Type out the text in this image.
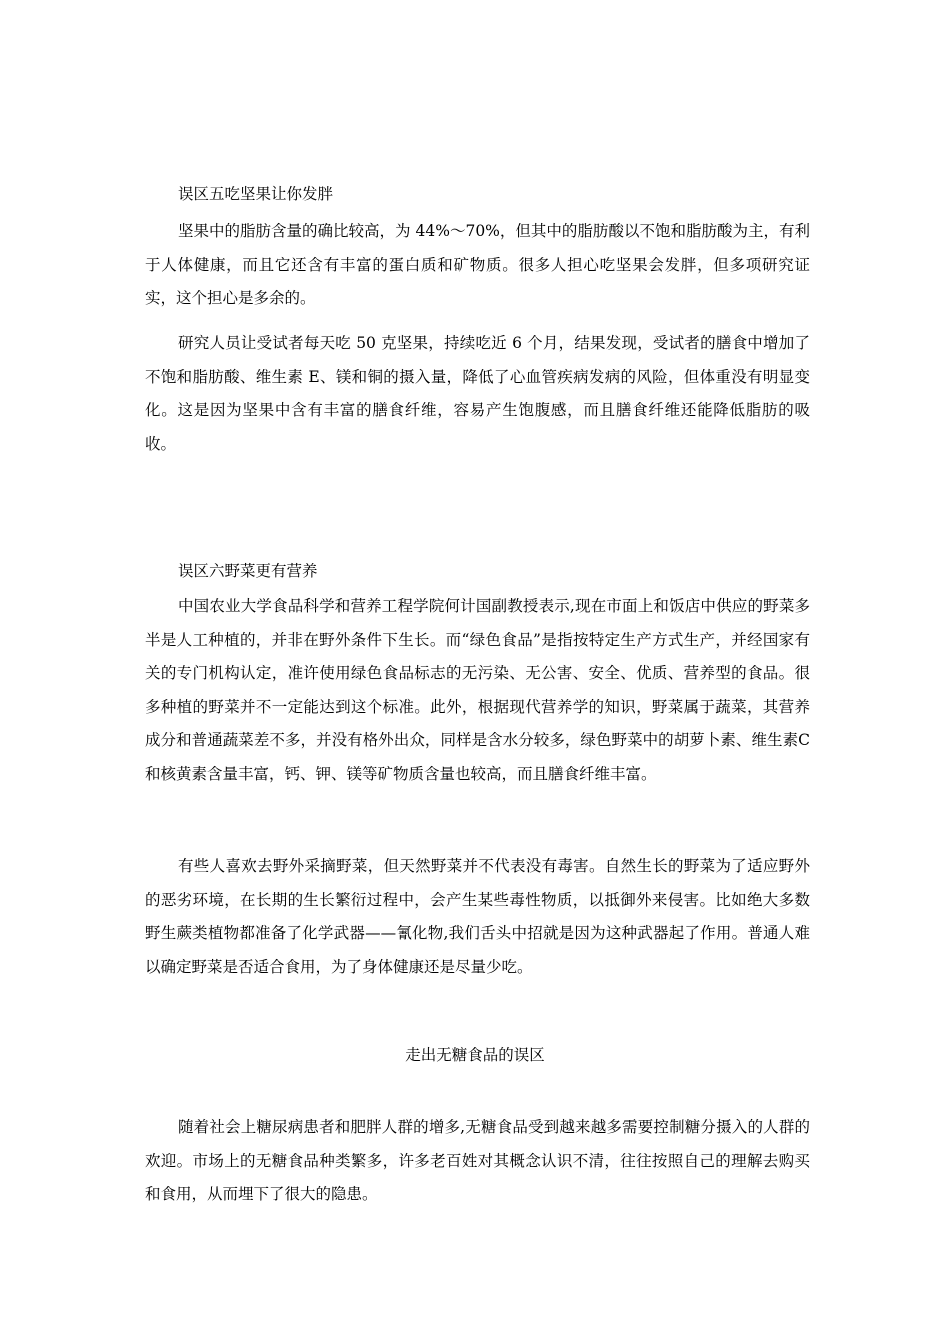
误区五吃坚果让你发胖

坚果中的脂肪含量的确比较高，为 44%～70%，但其中的脂肪酸以不饱和脂肪酸为主，有利于人体健康，而且它还含有丰富的蛋白质和矿物质。很多人担心吃坚果会发胖，但多项研究证实，这个担心是多余的。

研究人员让受试者每天吃 50 克坚果，持续吃近 6 个月，结果发现，受试者的膳食中增加了不饱和脂肪酸、维生素 E、镁和铜的摄入量，降低了心血管疾病发病的风险，但体重没有明显变化。这是因为坚果中含有丰富的膳食纤维，容易产生饱腹感，而且膳食纤维还能降低脂肪的吸收。

误区六野菜更有营养

中国农业大学食品科学和营养工程学院何计国副教授表示,现在市面上和饭店中供应的野菜多半是人工种植的，并非在野外条件下生长。而“绿色食品”是指按特定生产方式生产，并经国家有关的专门机构认定，准许使用绿色食品标志的无污染、无公害、安全、优质、营养型的食品。很多种植的野菜并不一定能达到这个标准。此外，根据现代营养学的知识，野菜属于蔬菜，其营养成分和普通蔬菜差不多，并没有格外出众，同样是含水分较多，绿色野菜中的胡萝卜素、维生素C 和核黄素含量丰富，钙、钾、镁等矿物质含量也较高，而且膳食纤维丰富。

有些人喜欢去野外采摘野菜，但天然野菜并不代表没有毒害。自然生长的野菜为了适应野外的恶劣环境，在长期的生长繁衍过程中，会产生某些毒性物质，以抵御外来侵害。比如绝大多数野生蕨类植物都准备了化学武器——氰化物,我们舌头中招就是因为这种武器起了作用。普通人难以确定野菜是否适合食用，为了身体健康还是尽量少吃。

走出无糖食品的误区

随着社会上糖尿病患者和肥胖人群的增多,无糖食品受到越来越多需要控制糖分摄入的人群的欢迎。市场上的无糖食品种类繁多，许多老百姓对其概念认识不清，往往按照自己的理解去购买和食用，从而埋下了很大的隐患。
